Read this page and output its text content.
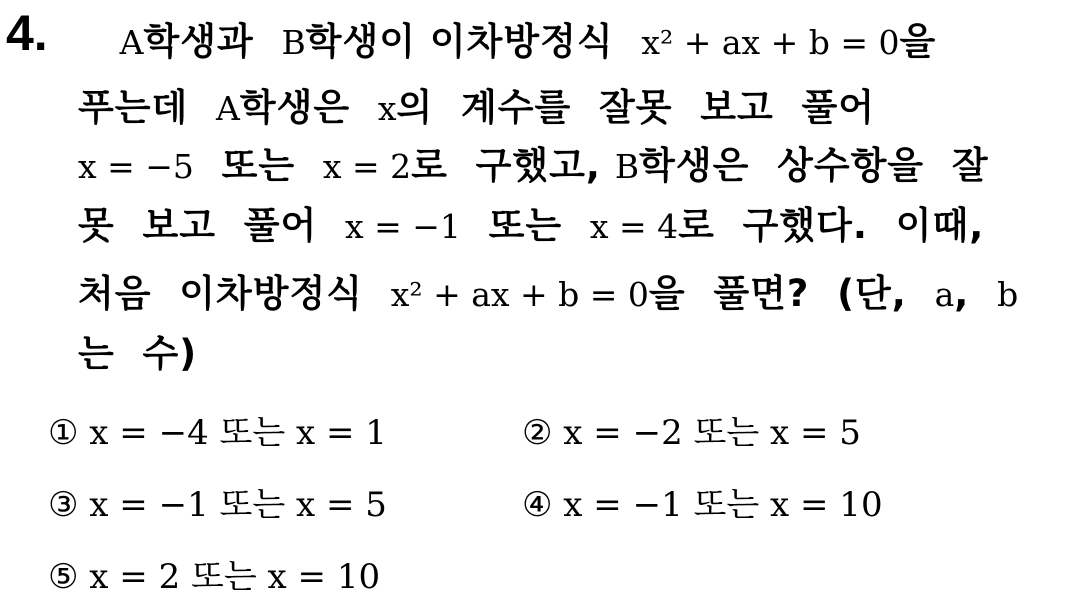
4.	A학생과  B학생이 이차방정식  x² + ax + b = 0을
푸는데  A학생은  x의  계수를  잘못  보고  풀어
x = −5  또는  x = 2로  구했고, B학생은  상수항을  잘
못  보고  풀어  x = −1  또는  x = 4로  구했다.  이때,
처음  이차방정식  x² + ax + b = 0을  풀면?  (단,  a,  b
는  수)
① x = −4 또는 x = 1	② x = −2 또는 x = 5
③ x = −1 또는 x = 5	④ x = −1 또는 x = 10
⑤ x = 2 또는 x = 10
